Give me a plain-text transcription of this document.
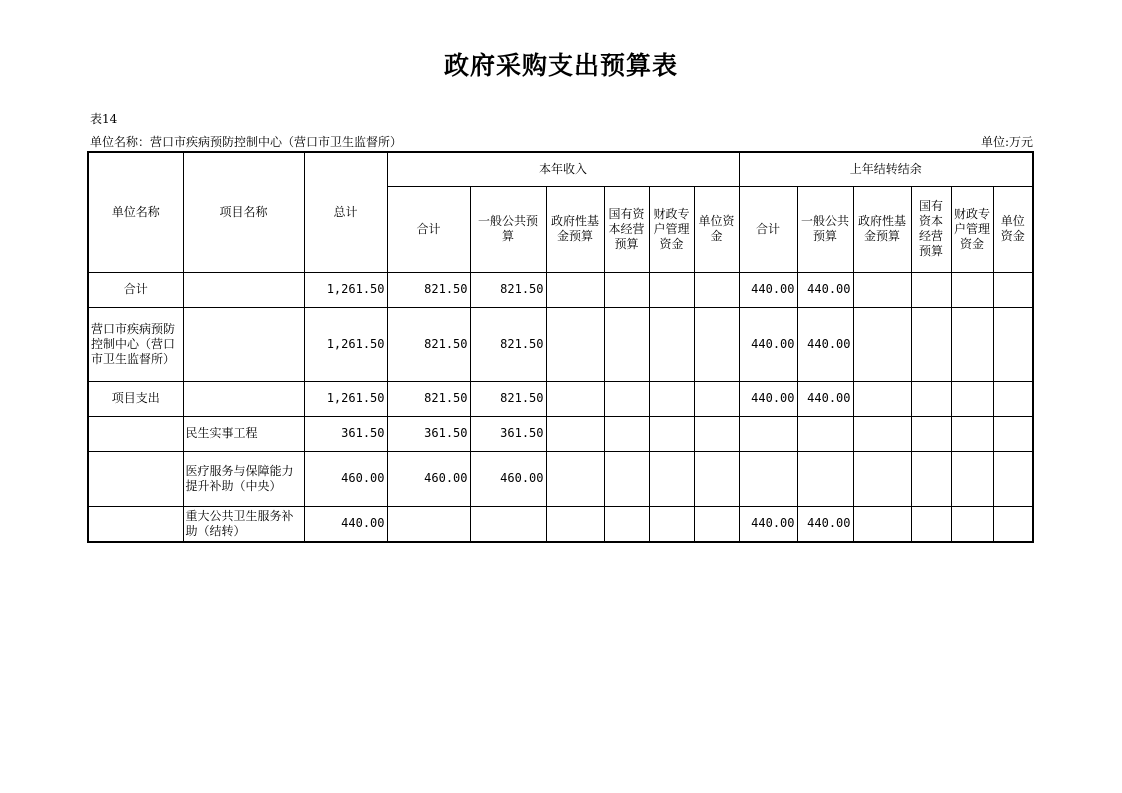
政府采购支出预算表
表14
单位名称：营口市疾病预防控制中心（营口市卫生监督所）	单位:万元
单位名称	项目名称	总计	本年收入						上年结转结余					
			合计	一般公共预算	政府性基金预算	国有资本经营预算	财政专户管理资金	单位资金	合计	一般公共预算	政府性基金预算	国有资本经营预算	财政专户管理资金	单位资金
合计		1,261.50	821.50	821.50					440.00	440.00				
营口市疾病预防控制中心（营口市卫生监督所）		1,261.50	821.50	821.50					440.00	440.00				
项目支出		1,261.50	821.50	821.50					440.00	440.00				
	民生实事工程	361.50	361.50	361.50										
	医疗服务与保障能力提升补助（中央）	460.00	460.00	460.00										
	重大公共卫生服务补助（结转）	440.00							440.00	440.00				
